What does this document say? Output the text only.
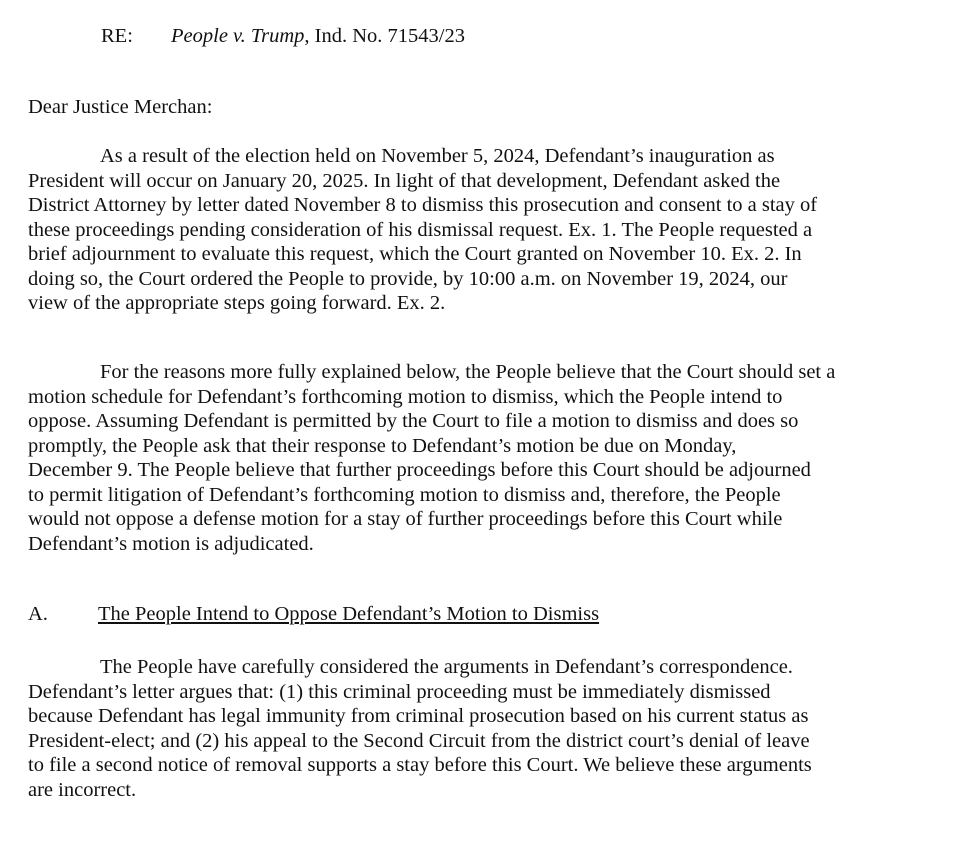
RE: People v. Trump, Ind. No. 71543/23
Dear Justice Merchan:

As a result of the election held on November 5, 2024, Defendant’s inauguration as
President will occur on January 20, 2025. In light of that development, Defendant asked the
District Attorney by letter dated November 8 to dismiss this prosecution and consent to a stay of
these proceedings pending consideration of his dismissal request. Ex. 1. The People requested a
brief adjournment to evaluate this request, which the Court granted on November 10. Ex. 2. In
doing so, the Court ordered the People to provide, by 10:00 a.m. on November 19, 2024, our
view of the appropriate steps going forward. Ex. 2.

For the reasons more fully explained below, the People believe that the Court should set a
motion schedule for Defendant’s forthcoming motion to dismiss, which the People intend to
oppose. Assuming Defendant is permitted by the Court to file a motion to dismiss and does so
promptly, the People ask that their response to Defendant’s motion be due on Monday,
December 9. The People believe that further proceedings before this Court should be adjourned
to permit litigation of Defendant’s forthcoming motion to dismiss and, therefore, the People
would not oppose a defense motion for a stay of further proceedings before this Court while
Defendant’s motion is adjudicated.

A. The People Intend to Oppose Defendant’s Motion to Dismiss

The People have carefully considered the arguments in Defendant’s correspondence.
Defendant’s letter argues that: (1) this criminal proceeding must be immediately dismissed
because Defendant has legal immunity from criminal prosecution based on his current status as
President-elect; and (2) his appeal to the Second Circuit from the district court’s denial of leave
to file a second notice of removal supports a stay before this Court. We believe these arguments
are incorrect.
